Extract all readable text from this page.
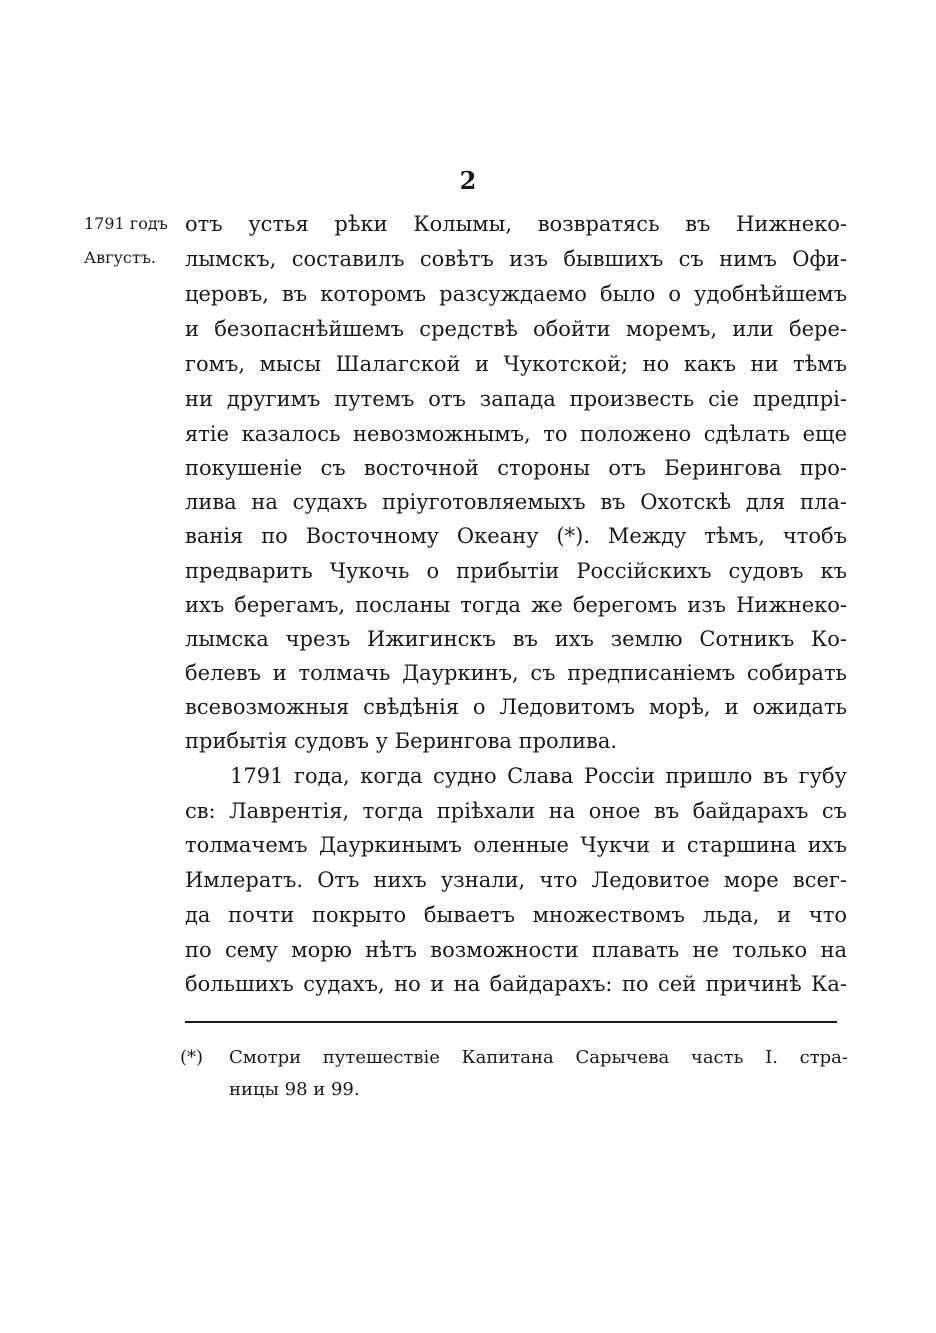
2
1791 годъ
Августъ.
отъ устья рѣки Колымы, возвратясь въ Нижнеко-
лымскъ, составилъ совѣтъ изъ бывшихъ съ нимъ Офи-
церовъ, въ которомъ разсуждаемо было о удобнѣйшемъ
и безопаснѣйшемъ средствѣ обойти моремъ, или бере-
гомъ, мысы Шалагской и Чукотской; но какъ ни тѣмъ
ни другимъ путемъ отъ запада произвесть сіе предпрі-
ятіе казалось невозможнымъ, то положено сдѣлать еще
покушеніе съ восточной стороны отъ Берингова про-
лива на судахъ пріуготовляемыхъ въ Охотскѣ для пла-
ванія по Восточному Океану (*). Между тѣмъ, чтобъ
предварить Чукочь о прибытіи Россійскихъ судовъ къ
ихъ берегамъ, посланы тогда же берегомъ изъ Нижнеко-
лымска чрезъ Ижигинскъ въ ихъ землю Сотникъ Ко-
белевъ и толмачь Дауркинъ, съ предписаніемъ собирать
всевозможныя свѣдѣнія о Ледовитомъ морѣ, и ожидать
прибытія судовъ у Берингова пролива.
1791 года, когда судно Слава Россіи пришло въ губу
св: Лаврентія, тогда пріѣхали на оное въ байдарахъ съ
толмачемъ Дауркинымъ оленные Чукчи и старшина ихъ
Имлератъ. Отъ нихъ узнали, что Ледовитое море всег-
да почти покрыто бываетъ множествомъ льда, и что
по сему морю нѣтъ возможности плавать не только на
большихъ судахъ, но и на байдарахъ: по сей причинѣ Ка-
(*) Смотри путешествіе Капитана Сарычева часть I. стра-
ницы 98 и 99.
